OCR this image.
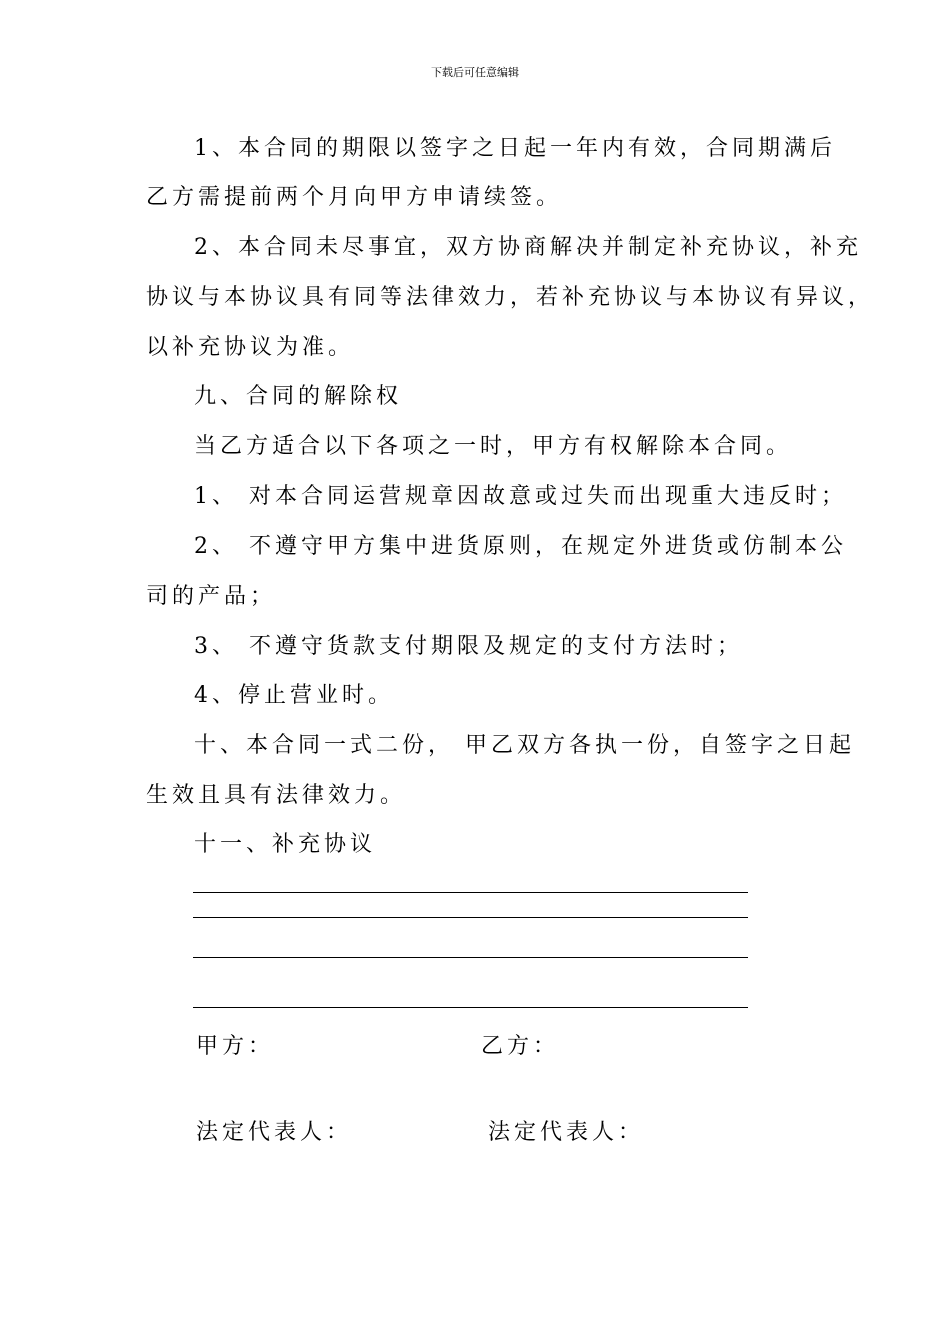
下载后可任意编辑
1、本合同的期限以签字之日起一年内有效，合同期满后
乙方需提前两个月向甲方申请续签。
2、本合同未尽事宜，双方协商解决并制定补充协议，补充
协议与本协议具有同等法律效力，若补充协议与本协议有异议，
以补充协议为准。
九、合同的解除权
当乙方适合以下各项之一时，甲方有权解除本合同。
1、 对本合同运营规章因故意或过失而出现重大违反时；
2、 不遵守甲方集中进货原则，在规定外进货或仿制本公
司的产品；
3、 不遵守货款支付期限及规定的支付方法时；
4、停止营业时。
十、本合同一式二份， 甲乙双方各执一份，自签字之日起
生效且具有法律效力。
十一、补充协议
甲方：	乙方：
法定代表人：	法定代表人：
